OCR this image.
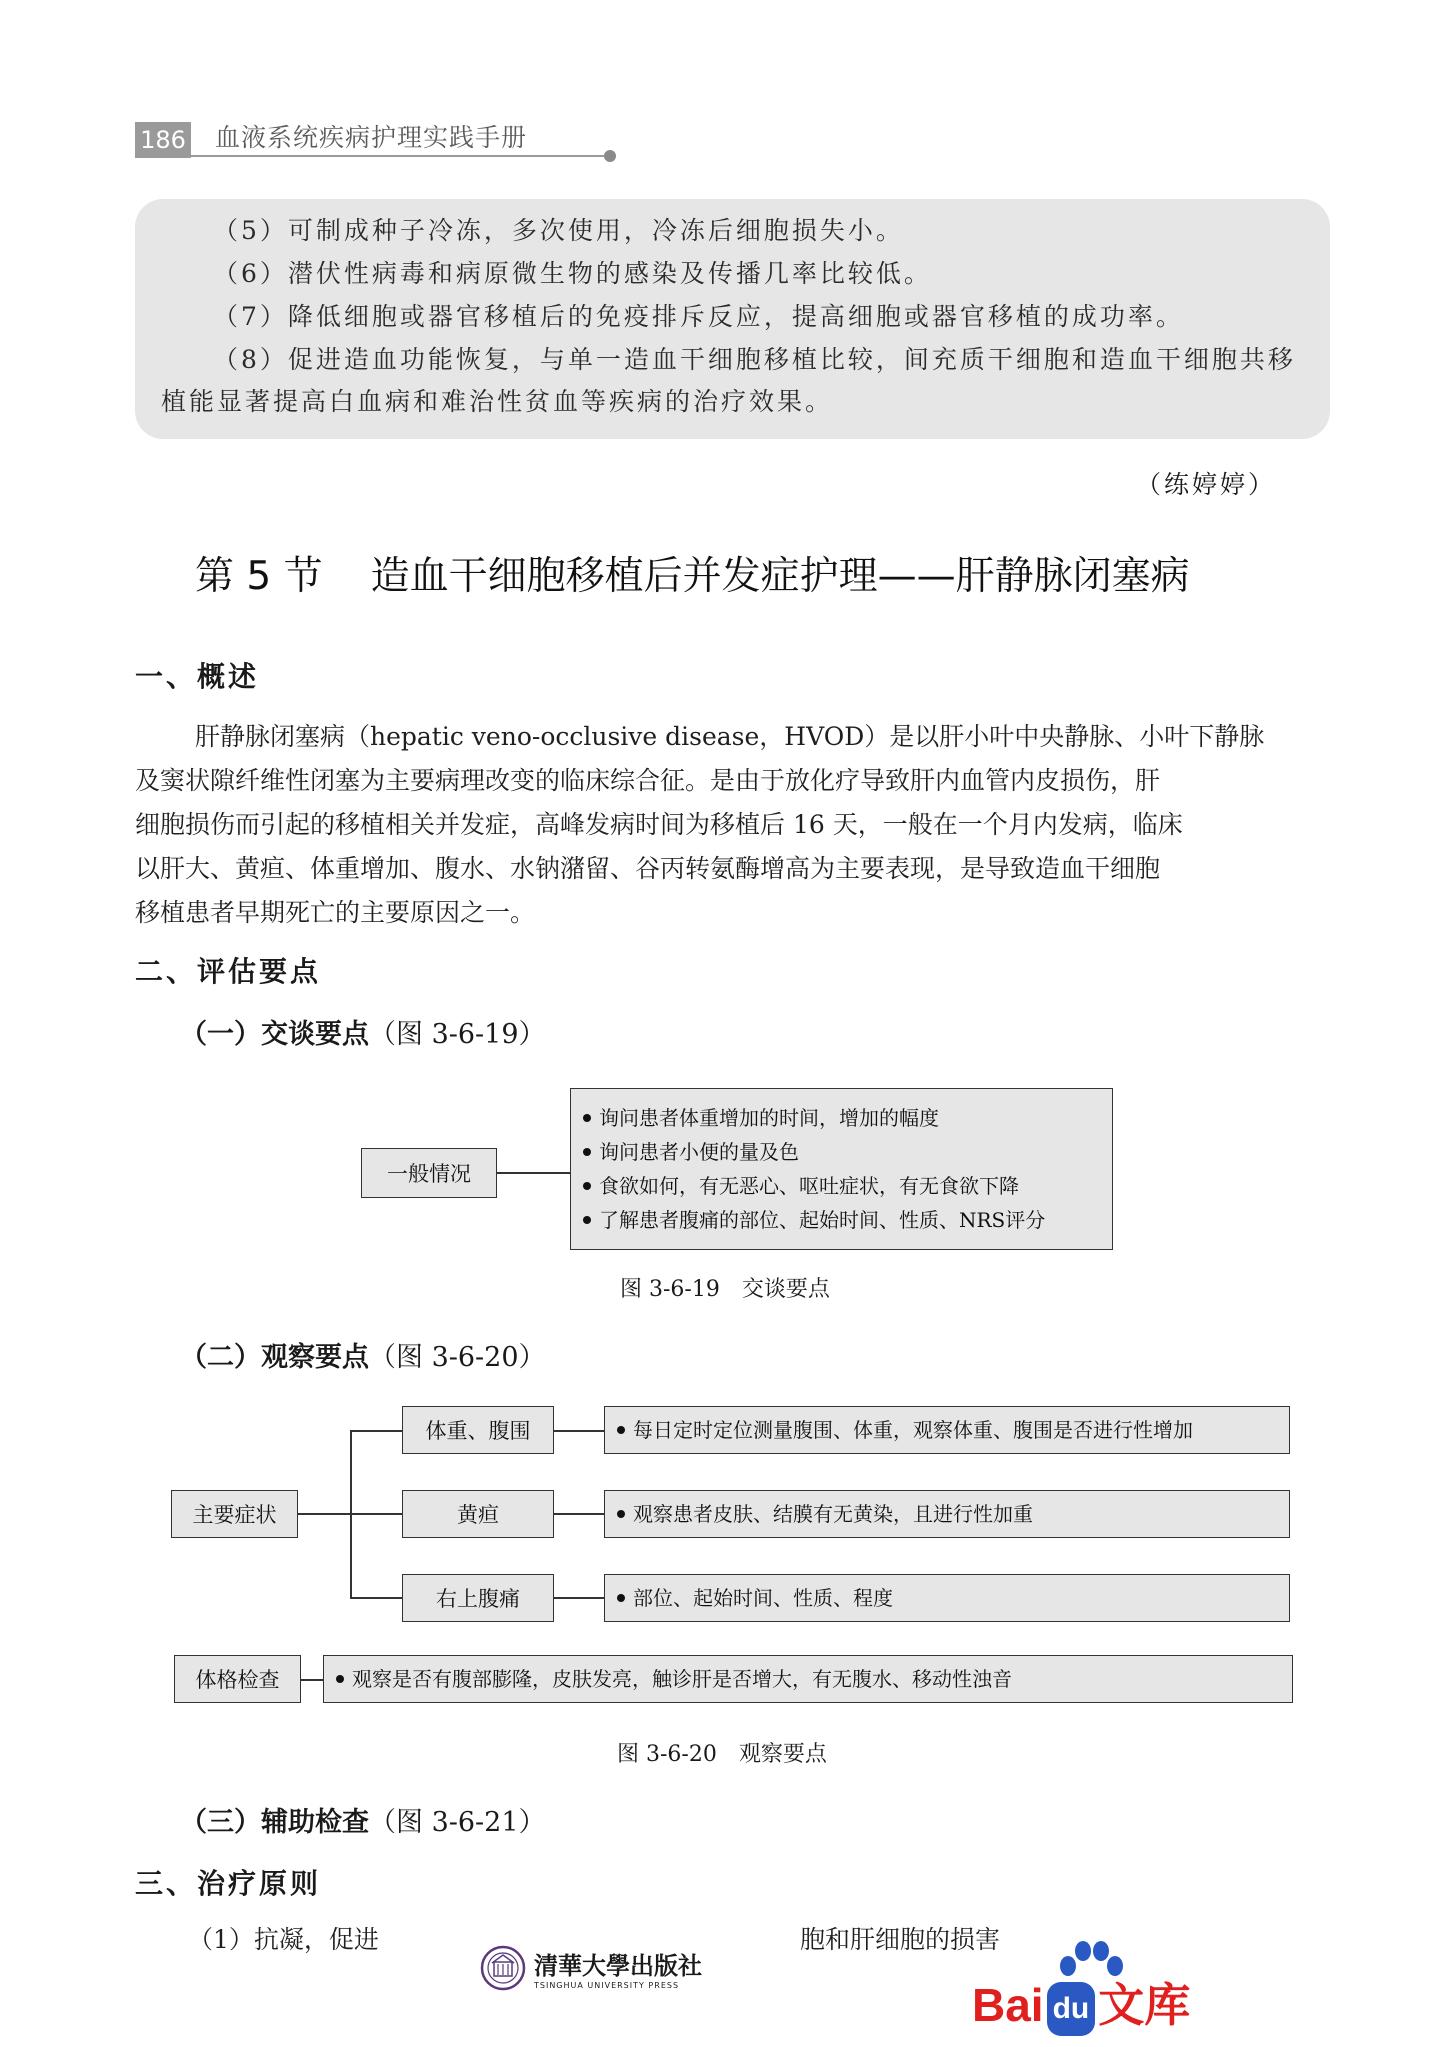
186 血液系统疾病护理实践手册

（5）可制成种子冷冻，多次使用，冷冻后细胞损失小。

（6）潜伏性病毒和病原微生物的感染及传播几率比较低。

（7）降低细胞或器官移植后的免疫排斥反应，提高细胞或器官移植的成功率。

（8）促进造血功能恢复，与单一造血干细胞移植比较，间充质干细胞和造血干细胞共移

植能显著提高白血病和难治性贫血等疾病的治疗效果。

（练婷婷）
第 5 节 造血干细胞移植后并发症护理——肝静脉闭塞病
一、概述

肝静脉闭塞病（hepatic veno-occlusive disease，HVOD）是以肝小叶中央静脉、小叶下静脉

及窦状隙纤维性闭塞为主要病理改变的临床综合征。是由于放化疗导致肝内血管内皮损伤，肝

细胞损伤而引起的移植相关并发症，高峰发病时间为移植后 16 天，一般在一个月内发病，临床

以肝大、黄疸、体重增加、腹水、水钠潴留、谷丙转氨酶增高为主要表现，是导致造血干细胞

移植患者早期死亡的主要原因之一。

二、评估要点
（一）交谈要点（图 3-6-19）
一般情况
询问患者体重增加的时间，增加的幅度
询问患者小便的量及色
食欲如何，有无恶心、呕吐症状，有无食欲下降
了解患者腹痛的部位、起始时间、性质、NRS评分
图 3-6-19　交谈要点
（二）观察要点（图 3-6-20）
主要症状
体重、腹围
黄疸
右上腹痛
每日定时定位测量腹围、体重，观察体重、腹围是否进行性增加
观察患者皮肤、结膜有无黄染，且进行性加重
部位、起始时间、性质、程度
体格检查	观察是否有腹部膨隆，皮肤发亮，触诊肝是否增大，有无腹水、移动性浊音
图 3-6-20　观察要点
（三）辅助检查（图 3-6-21）
三、治疗原则

（1）抗凝，促进	胞和肝细胞的损害

清華大學出版社
TSINGHUA UNIVERSITY PRESS	Bai du 文库
